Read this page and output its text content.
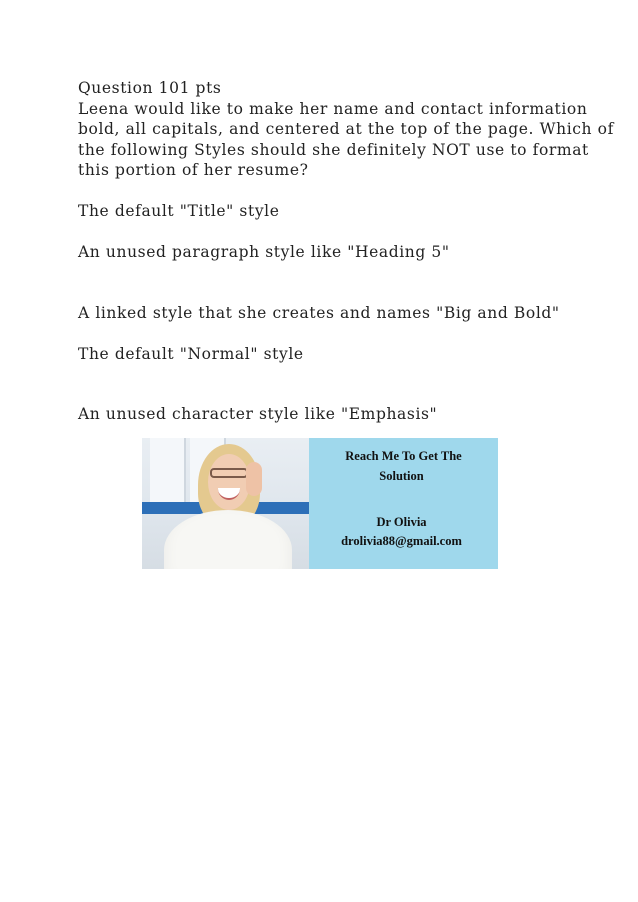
Question 101 pts
Leena would like to make her name and contact information
bold, all capitals, and centered at the top of the page. Which of
the following Styles should she definitely NOT use to format
this portion of her resume?
The default "Title" style
An unused paragraph style like "Heading 5"
A linked style that she creates and names "Big and Bold"
The default "Normal" style
An unused character style like "Emphasis"
Reach Me To Get The
Solution
Dr Olivia
drolivia88@gmail.com
